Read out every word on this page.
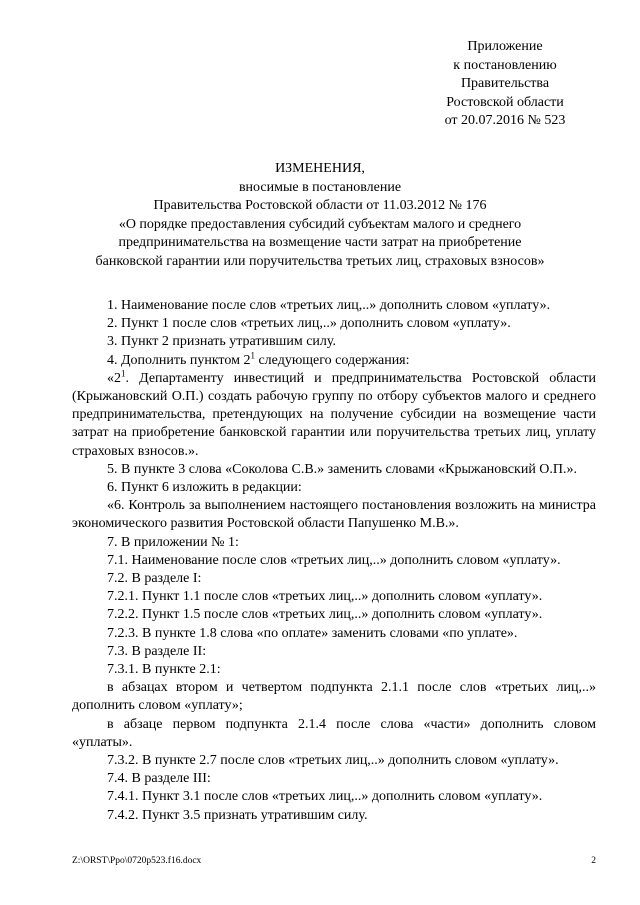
Приложение
к постановлению
Правительства
Ростовской области
от 20.07.2016 № 523
ИЗМЕНЕНИЯ,
вносимые в постановление
Правительства Ростовской области от 11.03.2012 № 176
«О порядке предоставления субсидий субъектам малого и среднего
предпринимательства на возмещение части затрат на приобретение
банковской гарантии или поручительства третьих лиц, страховых взносов»

1. Наименование после слов «третьих лиц,..» дополнить словом «уплату».

2. Пункт 1 после слов «третьих лиц,..» дополнить словом «уплату».

3. Пункт 2 признать утратившим силу.

4. Дополнить пунктом $2^1$ следующего содержания:

«$2^1$. Департаменту инвестиций и предпринимательства Ростовской области (Крыжановский О.П.) создать рабочую группу по отбору субъектов малого и среднего предпринимательства, претендующих на получение субсидии на возмещение части затрат на приобретение банковской гарантии или поручительства третьих лиц, уплату страховых взносов.».

5. В пункте 3 слова «Соколова С.В.» заменить словами «Крыжановский О.П.».

6. Пункт 6 изложить в редакции:

«6. Контроль за выполнением настоящего постановления возложить на министра экономического развития Ростовской области Папушенко М.В.».

7. В приложении № 1:

7.1. Наименование после слов «третьих лиц,..» дополнить словом «уплату».

7.2. В разделе I:

7.2.1. Пункт 1.1 после слов «третьих лиц,..» дополнить словом «уплату».

7.2.2. Пункт 1.5 после слов «третьих лиц,..» дополнить словом «уплату».

7.2.3. В пункте 1.8 слова «по оплате» заменить словами «по уплате».

7.3. В разделе II:

7.3.1. В пункте 2.1:

в абзацах втором и четвертом подпункта 2.1.1 после слов «третьих лиц,..» дополнить словом «уплату»;

в абзаце первом подпункта 2.1.4 после слова «части» дополнить словом «уплаты».

7.3.2. В пункте 2.7 после слов «третьих лиц,..» дополнить словом «уплату».

7.4. В разделе III:

7.4.1. Пункт 3.1 после слов «третьих лиц,..» дополнить словом «уплату».

7.4.2. Пункт 3.5 признать утратившим силу.

Z:\ORST\Ppo\0720p523.f16.docx	2
